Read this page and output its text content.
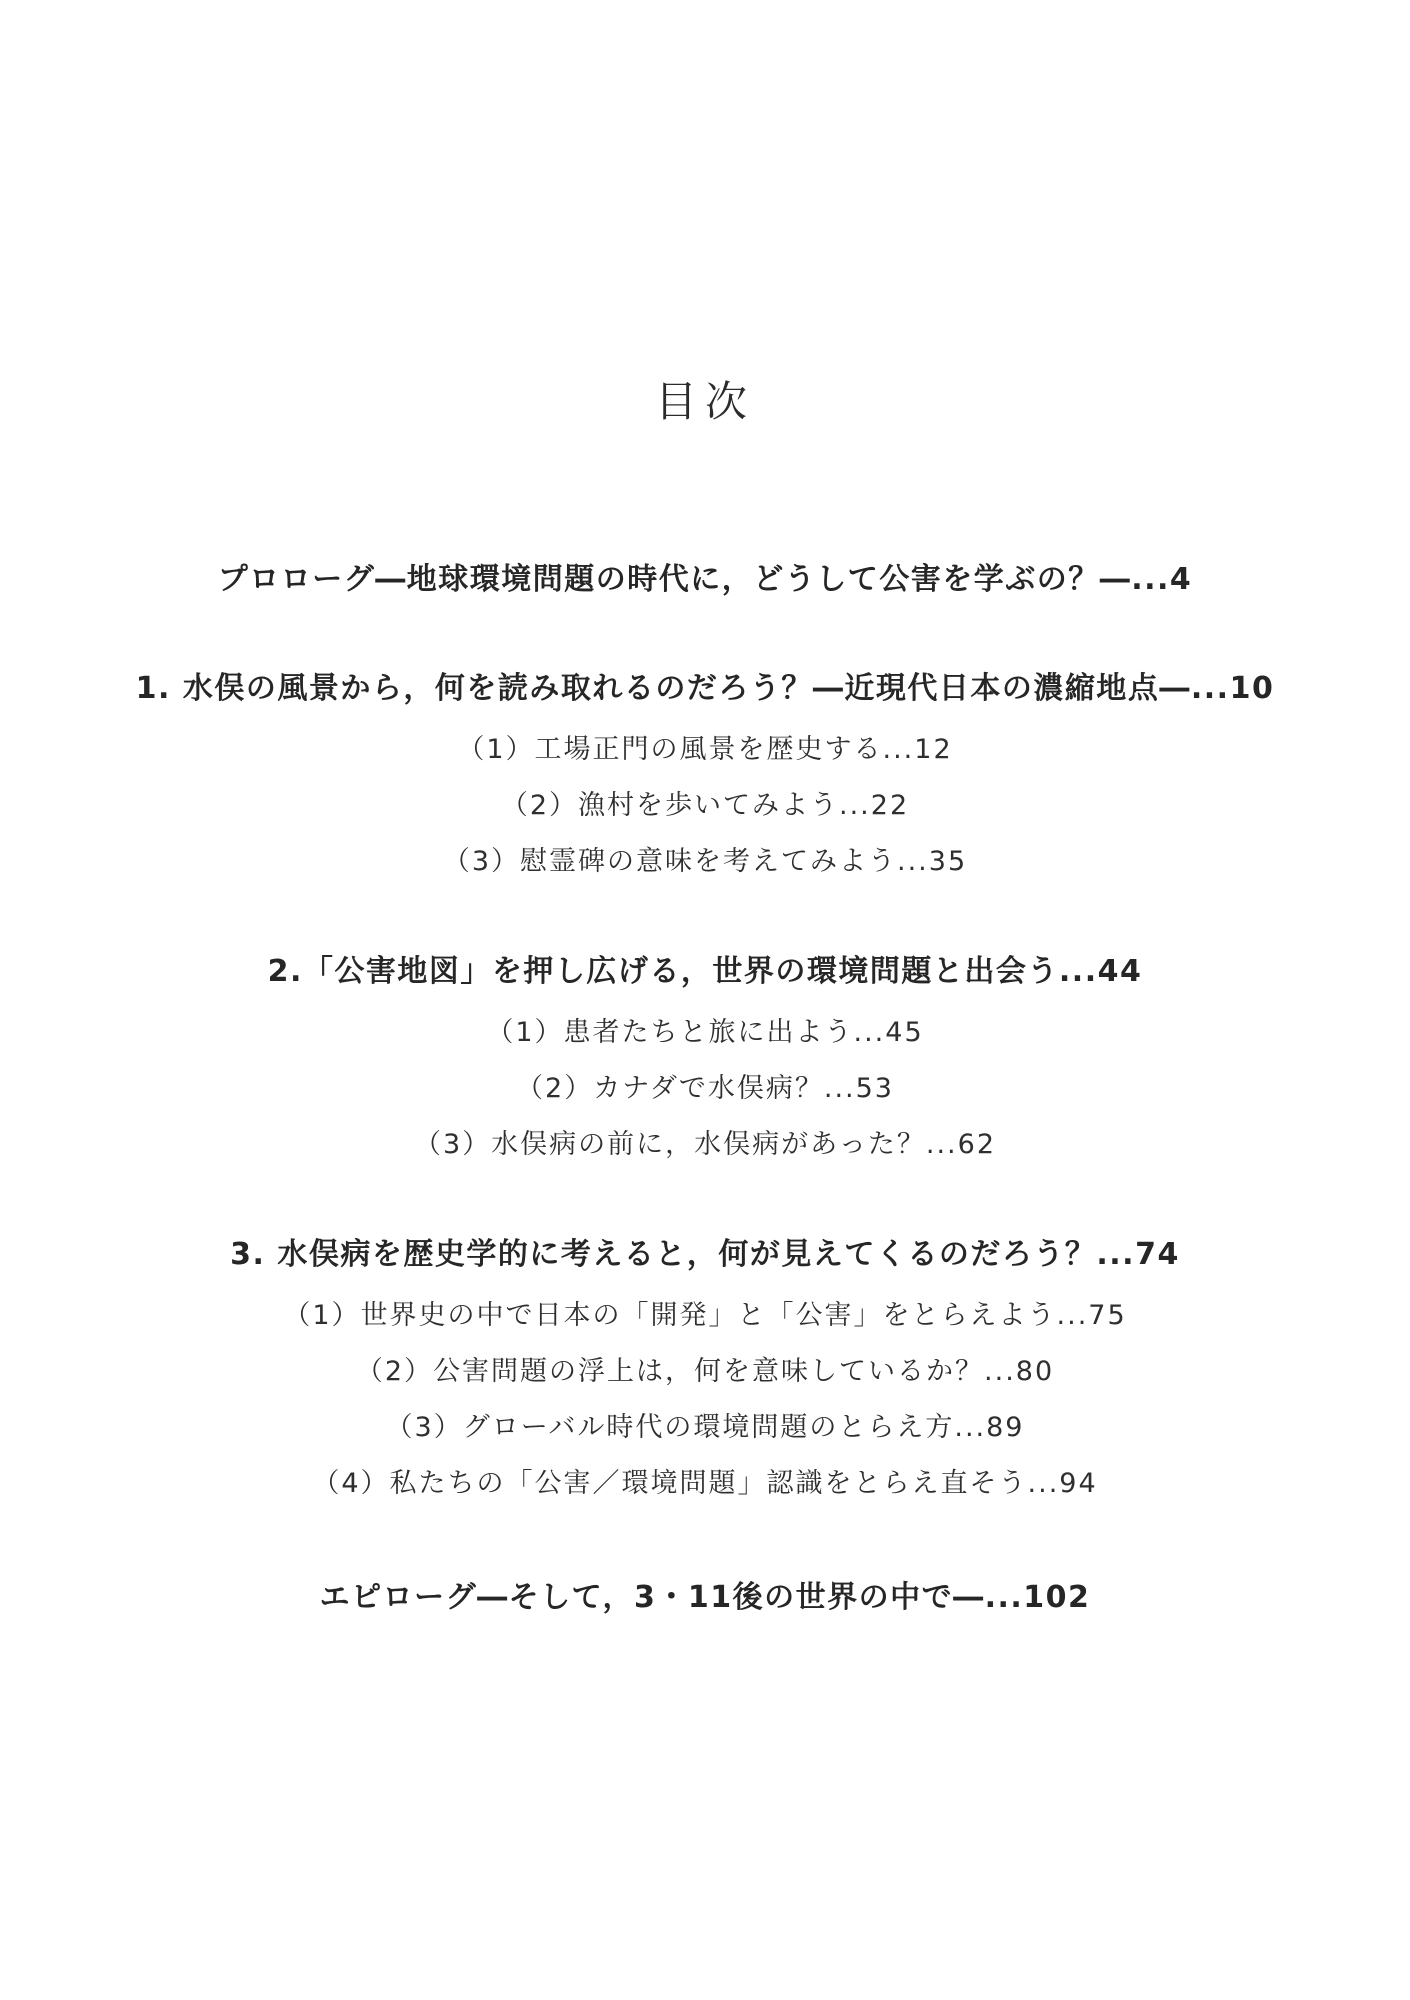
目次

プロローグ―地球環境問題の時代に，どうして公害を学ぶの？―...4

1. 水俣の風景から，何を読み取れるのだろう？―近現代日本の濃縮地点―...10

（1）工場正門の風景を歴史する...12

（2）漁村を歩いてみよう...22

（3）慰霊碑の意味を考えてみよう...35

2.「公害地図」を押し広げる，世界の環境問題と出会う...44

（1）患者たちと旅に出よう...45

（2）カナダで水俣病？...53

（3）水俣病の前に，水俣病があった？...62

3. 水俣病を歴史学的に考えると，何が見えてくるのだろう？...74

（1）世界史の中で日本の「開発」と「公害」をとらえよう...75

（2）公害問題の浮上は，何を意味しているか？...80

（3）グローバル時代の環境問題のとらえ方...89

（4）私たちの「公害／環境問題」認識をとらえ直そう...94

エピローグ―そして，3・11後の世界の中で―...102
